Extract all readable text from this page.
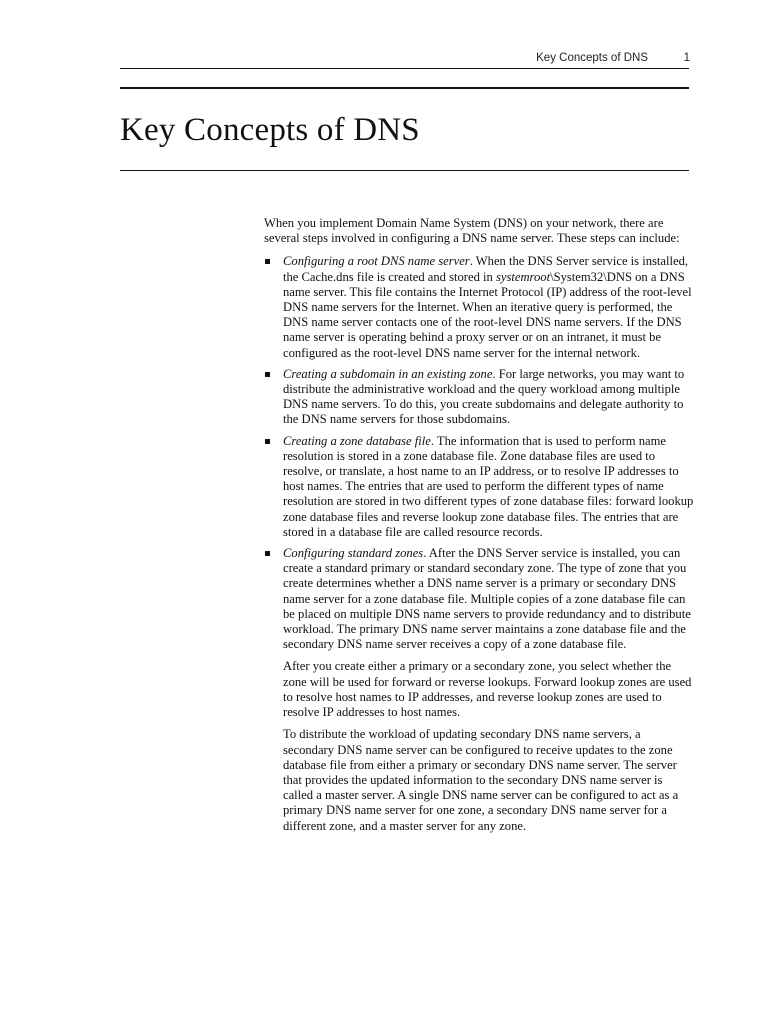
Key Concepts of DNS	1
Key Concepts of DNS

When you implement Domain Name System (DNS) on your network, there are several steps involved in configuring a DNS name server. These steps can include:

Configuring a root DNS name server. When the DNS Server service is installed, the Cache.dns file is created and stored in systemroot\System32\DNS on a DNS name server. This file contains the Internet Protocol (IP) address of the root-level DNS name servers for the Internet. When an iterative query is performed, the DNS name server contacts one of the root-level DNS name servers. If the DNS name server is operating behind a proxy server or on an intranet, it must be configured as the root-level DNS name server for the internal network.
Creating a subdomain in an existing zone. For large networks, you may want to distribute the administrative workload and the query workload among multiple DNS name servers. To do this, you create subdomains and delegate authority to the DNS name servers for those subdomains.
Creating a zone database file. The information that is used to perform name resolution is stored in a zone database file. Zone database files are used to resolve, or translate, a host name to an IP address, or to resolve IP addresses to host names. The entries that are used to perform the different types of name resolution are stored in two different types of zone database files: forward lookup zone database files and reverse lookup zone database files. The entries that are stored in a database file are called resource records.
Configuring standard zones. After the DNS Server service is installed, you can create a standard primary or standard secondary zone. The type of zone that you create determines whether a DNS name server is a primary or secondary DNS name server for a zone database file. Multiple copies of a zone database file can be placed on multiple DNS name servers to provide redundancy and to distribute workload. The primary DNS name server maintains a zone database file and the secondary DNS name server receives a copy of a zone database file.

After you create either a primary or a secondary zone, you select whether the zone will be used for forward or reverse lookups. Forward lookup zones are used to resolve host names to IP addresses, and reverse lookup zones are used to resolve IP addresses to host names.

To distribute the workload of updating secondary DNS name servers, a secondary DNS name server can be configured to receive updates to the zone database file from either a primary or secondary DNS name server. The server that provides the updated information to the secondary DNS name server is called a master server. A single DNS name server can be configured to act as a primary DNS name server for one zone, a secondary DNS name server for a different zone, and a master server for any zone.
